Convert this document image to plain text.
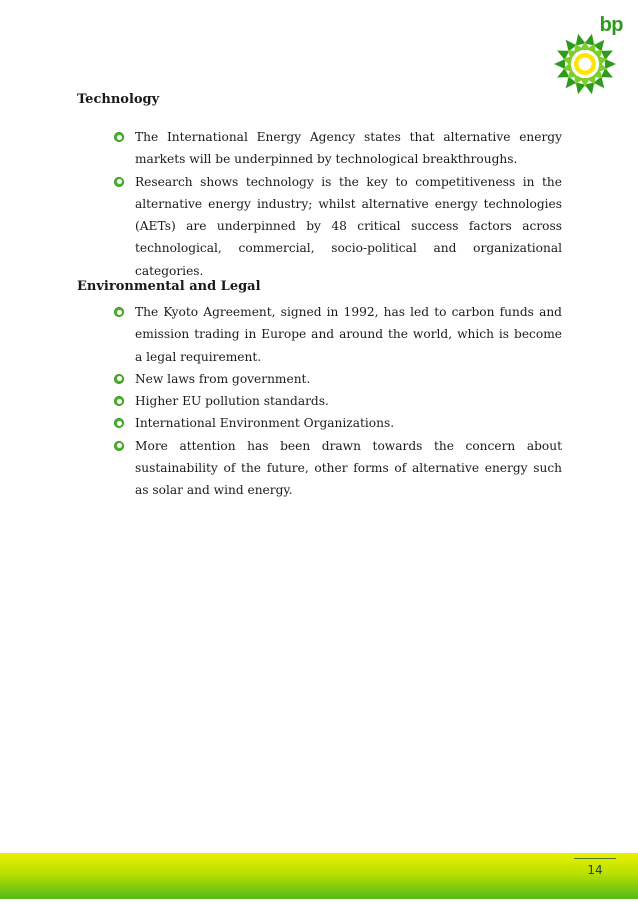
bp
Technology
The International Energy Agency states that alternative energy markets will be underpinned by technological breakthroughs.
Research shows technology is the key to competitiveness in the alternative energy industry; whilst alternative energy technologies (AETs) are underpinned by 48 critical success factors across technological, commercial, socio-political and organizational categories.
Environmental and Legal
The Kyoto Agreement, signed in 1992, has led to carbon funds and emission trading in Europe and around the world, which is become a legal requirement.
New laws from government.
Higher EU pollution standards.
International Environment Organizations.
More attention has been drawn towards the concern about sustainability of the future, other forms of alternative energy such as solar and wind energy.
14
